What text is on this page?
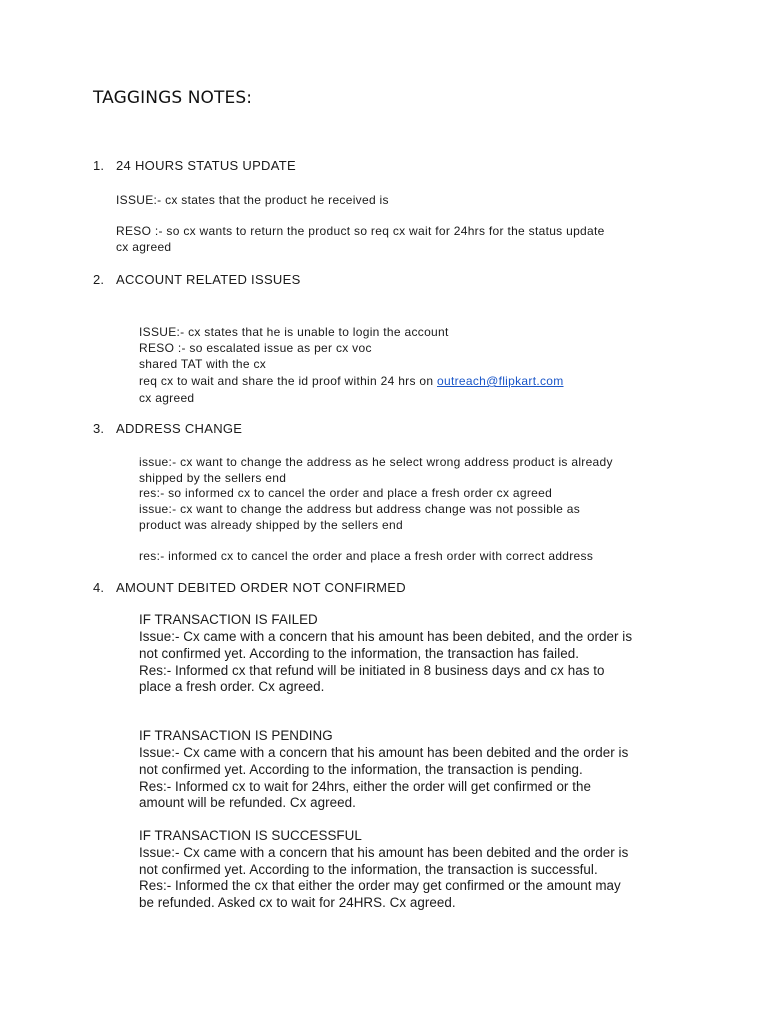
TAGGINGS NOTES:
1. 24 HOURS STATUS UPDATE
ISSUE:- cx states that the product he received is
RESO :- so cx wants to return the product so req cx wait for 24hrs for the status update
cx agreed
2. ACCOUNT RELATED ISSUES
ISSUE:- cx states that he is unable to login the account
RESO :- so escalated issue as per cx voc
shared TAT with the cx
req cx to wait and share the id proof within 24 hrs on outreach@flipkart.com
cx agreed
3. ADDRESS CHANGE
issue:- cx want to change the address as he select wrong address product is already
shipped by the sellers end
res:- so informed cx to cancel the order and place a fresh order cx agreed
issue:- cx want to change the address but address change was not possible as
product was already shipped by the sellers end
res:- informed cx to cancel the order and place a fresh order with correct address
4. AMOUNT DEBITED ORDER NOT CONFIRMED
IF TRANSACTION IS FAILED
Issue:- Cx came with a concern that his amount has been debited, and the order is
not confirmed yet. According to the information, the transaction has failed.
Res:- Informed cx that refund will be initiated in 8 business days and cx has to
place a fresh order. Cx agreed.
IF TRANSACTION IS PENDING
Issue:- Cx came with a concern that his amount has been debited and the order is
not confirmed yet. According to the information, the transaction is pending.
Res:- Informed cx to wait for 24hrs, either the order will get confirmed or the
amount will be refunded. Cx agreed.
IF TRANSACTION IS SUCCESSFUL
Issue:- Cx came with a concern that his amount has been debited and the order is
not confirmed yet. According to the information, the transaction is successful.
Res:- Informed the cx that either the order may get confirmed or the amount may
be refunded. Asked cx to wait for 24HRS. Cx agreed.
